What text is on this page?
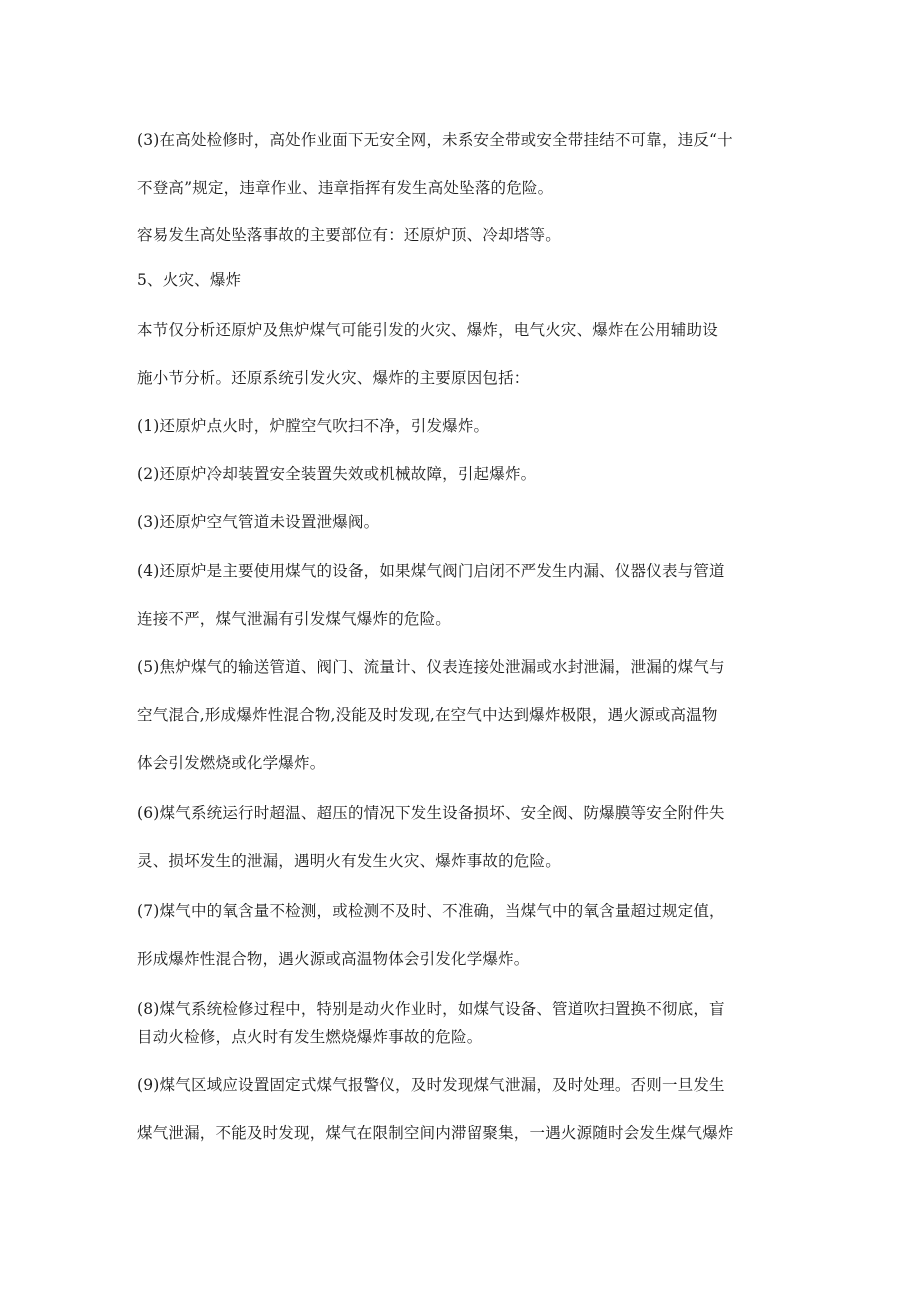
(3)在高处检修时，高处作业面下无安全网，未系安全带或安全带挂结不可靠，违反“十
不登高”规定，违章作业、违章指挥有发生高处坠落的危险。
容易发生高处坠落事故的主要部位有：还原炉顶、冷却塔等。
5、火灾、爆炸
本节仅分析还原炉及焦炉煤气可能引发的火灾、爆炸，电气火灾、爆炸在公用辅助设
施小节分析。还原系统引发火灾、爆炸的主要原因包括：
(1)还原炉点火时，炉膛空气吹扫不净，引发爆炸。
(2)还原炉冷却装置安全装置失效或机械故障，引起爆炸。
(3)还原炉空气管道未设置泄爆阀。
(4)还原炉是主要使用煤气的设备，如果煤气阀门启闭不严发生内漏、仪器仪表与管道
连接不严，煤气泄漏有引发煤气爆炸的危险。
(5)焦炉煤气的输送管道、阀门、流量计、仪表连接处泄漏或水封泄漏，泄漏的煤气与
空气混合,形成爆炸性混合物,没能及时发现,在空气中达到爆炸极限，遇火源或高温物
体会引发燃烧或化学爆炸。
(6)煤气系统运行时超温、超压的情况下发生设备损坏、安全阀、防爆膜等安全附件失
灵、损坏发生的泄漏，遇明火有发生火灾、爆炸事故的危险。
(7)煤气中的氧含量不检测，或检测不及时、不准确，当煤气中的氧含量超过规定值，
形成爆炸性混合物，遇火源或高温物体会引发化学爆炸。
(8)煤气系统检修过程中，特别是动火作业时，如煤气设备、管道吹扫置换不彻底，盲
目动火检修，点火时有发生燃烧爆炸事故的危险。
(9)煤气区域应设置固定式煤气报警仪，及时发现煤气泄漏，及时处理。否则一旦发生
煤气泄漏，不能及时发现，煤气在限制空间内滞留聚集，一遇火源随时会发生煤气爆炸
